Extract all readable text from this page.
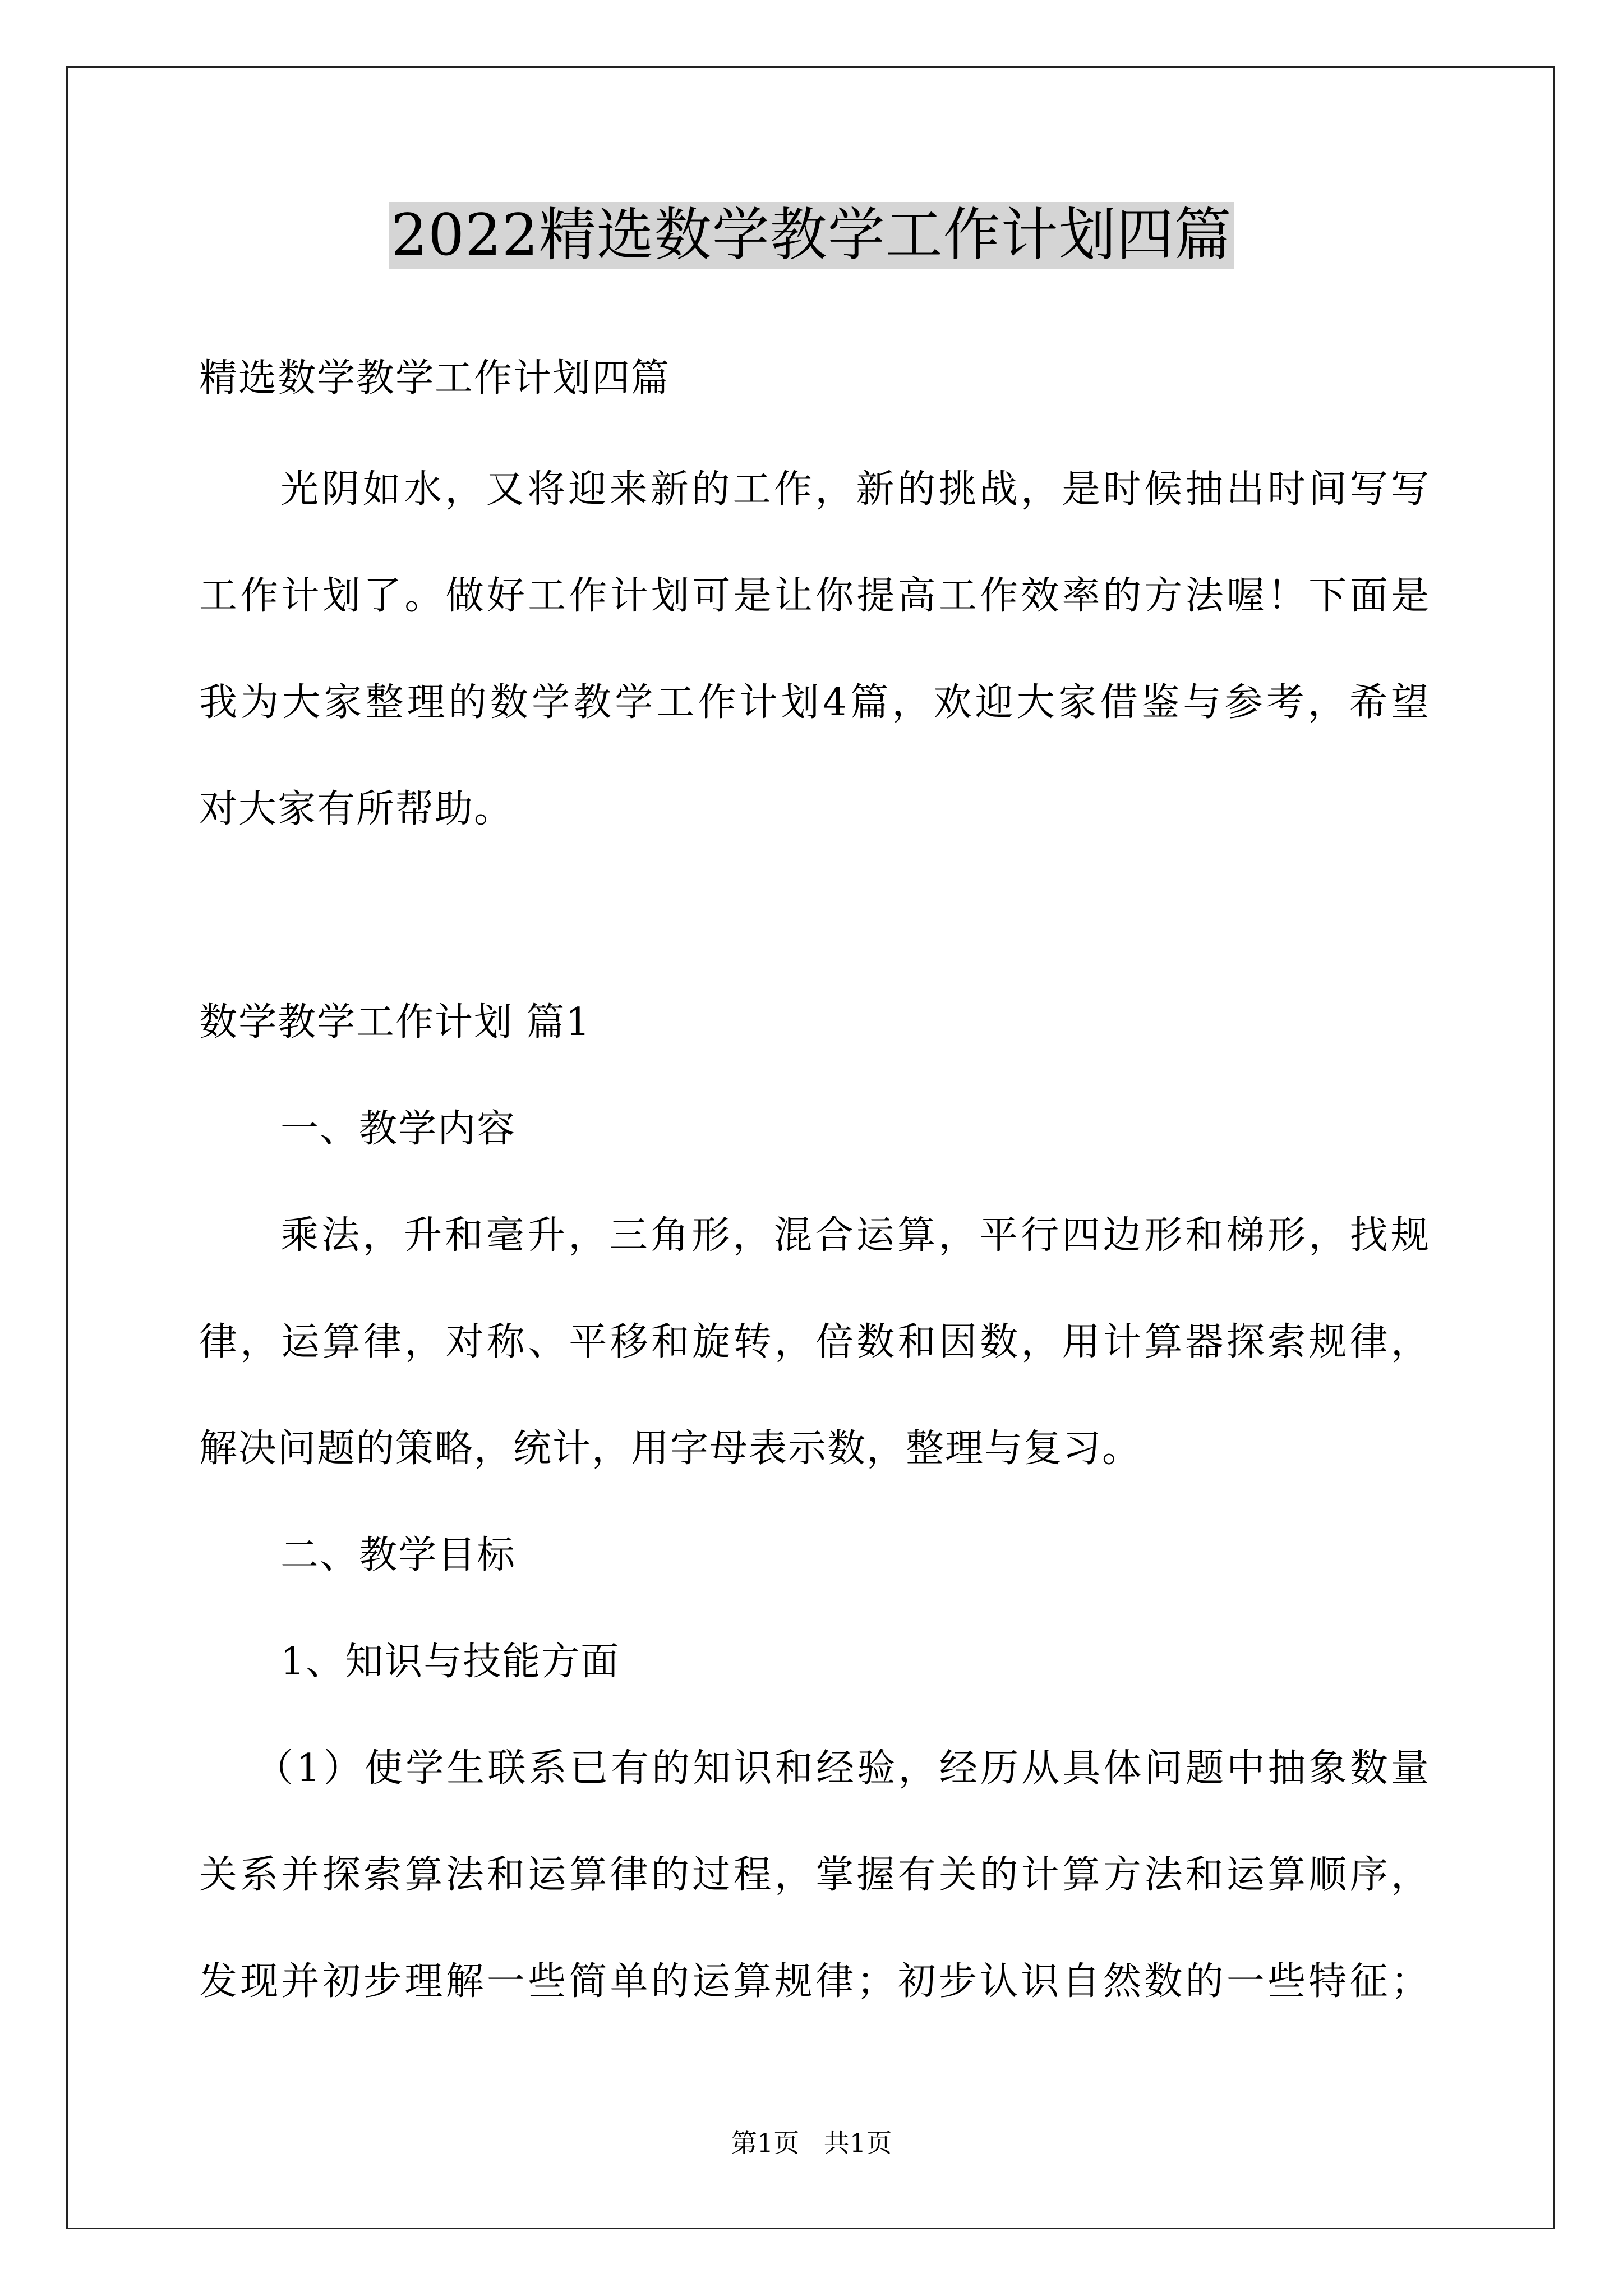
2022精选数学教学工作计划四篇
精选数学教学工作计划四篇
光阴如水，又将迎来新的工作，新的挑战，是时候抽出时间写写
工作计划了。做好工作计划可是让你提高工作效率的方法喔！下面是
我为大家整理的数学教学工作计划4篇，欢迎大家借鉴与参考，希望
对大家有所帮助。
数学教学工作计划 篇1
一、教学内容
乘法，升和毫升，三角形，混合运算，平行四边形和梯形，找规
律，运算律，对称、平移和旋转，倍数和因数，用计算器探索规律，
解决问题的策略，统计，用字母表示数，整理与复习。
二、教学目标
1、知识与技能方面
（1）使学生联系已有的知识和经验，经历从具体问题中抽象数量
关系并探索算法和运算律的过程，掌握有关的计算方法和运算顺序，
发现并初步理解一些简单的运算规律；初步认识自然数的一些特征；
第1页   共1页
